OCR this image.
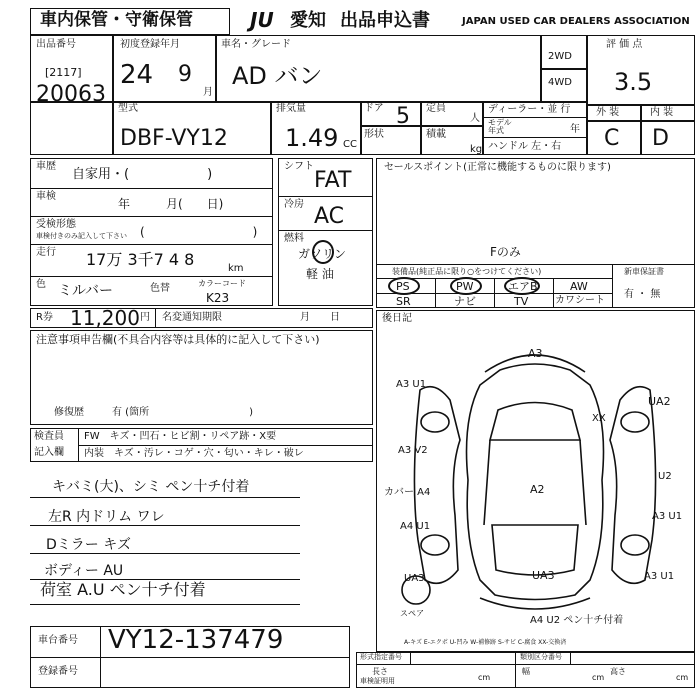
車内保管・守衛保管	JU 愛知 出品申込書	JAPAN USED CAR DEALERS ASSOCIATION
出品番号
[2117]
20063
初度登録年月
24 9
月
車名・グレード
AD バン
2WD
4WD
評 価 点
3.5
外 装	内 装
C D
型式
DBF-VY12
排気量
1.49 CC
ドア 5
形状
定員
人
積載
kg
ディーラー・並 行
モデル
年式	年
ハンドル 左・右
車歴
自家用・(　　　　　　)
車検
年　　　月(　　日)
受検形態
車検付きのみ記入して下さい (　　　　　　　　　)
走行 17万 3千7 4 8	km
色 ミルバー	色替	カラーコード
K23
R券 11,200 円 名変通知期限	月　　日
シフト
FAT
冷房 AC
燃料
ガソリン
軽 油
セールスポイント(正常に機能するものに限ります)
装備品(純正品に限り○をつけてください)
Fのみ
PS	PW	エアB	AW
SR	ナビ	TV	カワシート
新車保証書
有 ・ 無
注意事項申告欄(不具合内容等は具体的に記入して下さい)
修復歴	有 (箇所　　　　　　　　　　)
検査員
記入欄
FW　キズ・凹石・ヒビ割・リペア跡・X要
内装　キズ・汚レ・コゲ・穴・匂い・キレ・破レ
キバミ(大)、シミ ペン十チ付着
左R 内ドリム ワレ
Dミラー キズ
ボディー AU
荷室 A.U ペン十チ付着
後日記
A3
A3 U1
A3 V2
カバー A4
A4 U1
UA3
UA2
XX
U2
A2
A3 U1
UA3	A3 U1
A4 U2 ペン十チ付着
スペア
A-キズ E-エクボ U-凹み W-補修跡 S-サビ C-腐食 XX-交換済
車台番号 VY12-137479
登録番号
形式指定番号	類別区分番号
長さ
cm
幅
cm
高さ
cm
車検証明用
